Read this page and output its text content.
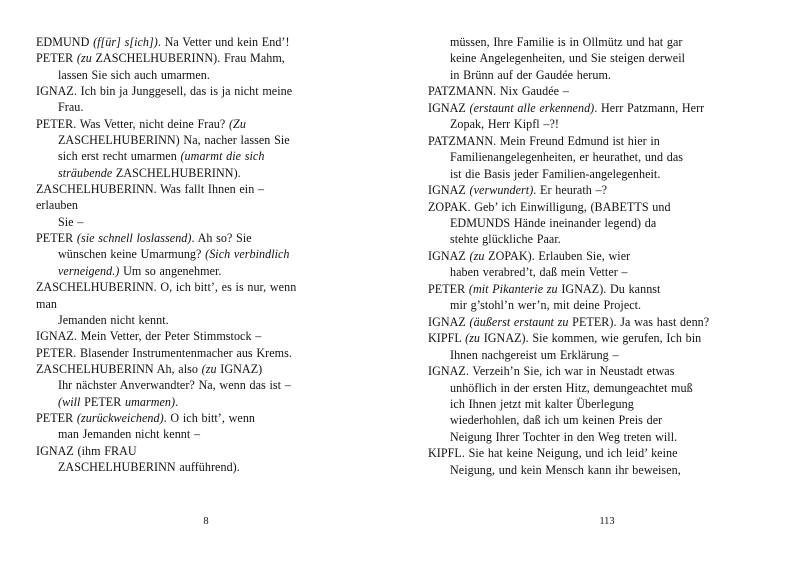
EDMUND (f[ür] s[ich]). Na Vetter und kein End’!
PETER (zu ZASCHELHUBERINN). Frau Mahm,
lassen Sie sich auch umarmen.
IGNAZ. Ich bin ja Junggesell, das is ja nicht meine
Frau.
PETER. Was Vetter, nicht deine Frau? (Zu
ZASCHELHUBERINN) Na, nacher lassen Sie
sich erst recht umarmen (umarmt die sich
sträubende ZASCHELHUBERINN).
ZASCHELHUBERINN. Was fallt Ihnen ein –
erlauben
Sie –
PETER (sie schnell loslassend). Ah so? Sie
wünschen keine Umarmung? (Sich verbindlich
verneigend.) Um so angenehmer.
ZASCHELHUBERINN. O, ich bitt’, es is nur, wenn
man
Jemanden nicht kennt.
IGNAZ. Mein Vetter, der Peter Stimmstock –
PETER. Blasender Instrumentenmacher aus Krems.
ZASCHELHUBERINN Ah, also (zu IGNAZ)
Ihr nächster Anverwandter? Na, wenn das ist –
(will PETER umarmen).
PETER (zurückweichend). O ich bitt’, wenn
man Jemanden nicht kennt –
IGNAZ (ihm FRAU
ZASCHELHUBERINN aufführend).
8
müssen, Ihre Familie is in Ollmütz und hat gar
keine Angelegenheiten, und Sie steigen derweil
in Brünn auf der Gaudée herum.
PATZMANN. Nix Gaudée –
IGNAZ (erstaunt alle erkennend). Herr Patzmann, Herr
Zopak, Herr Kipfl –?!
PATZMANN. Mein Freund Edmund ist hier in
Familienangelegenheiten, er heurathet, und das
ist die Basis jeder Familien-angelegenheit.
IGNAZ (verwundert). Er heurath –?
ZOPAK. Geb’ ich Einwilligung, (BABETTS und
EDMUNDS Hände ineinander legend) da
stehte glückliche Paar.
IGNAZ (zu ZOPAK). Erlauben Sie, wier
haben verabred’t, daß mein Vetter –
PETER (mit Pikanterie zu IGNAZ). Du kannst
mir g’stohl’n wer’n, mit deine Project.
IGNAZ (äußerst erstaunt zu PETER). Ja was hast denn?
KIPFL (zu IGNAZ). Sie kommen, wie gerufen, Ich bin
Ihnen nachgereist um Erklärung –
IGNAZ. Verzeih’n Sie, ich war in Neustadt etwas
unhöflich in der ersten Hitz, demungeachtet muß
ich Ihnen jetzt mit kalter Überlegung
wiederhohlen, daß ich um keinen Preis der
Neigung Ihrer Tochter in den Weg treten will.
KIPFL. Sie hat keine Neigung, und ich leid’ keine
Neigung, und kein Mensch kann ihr beweisen,
113
